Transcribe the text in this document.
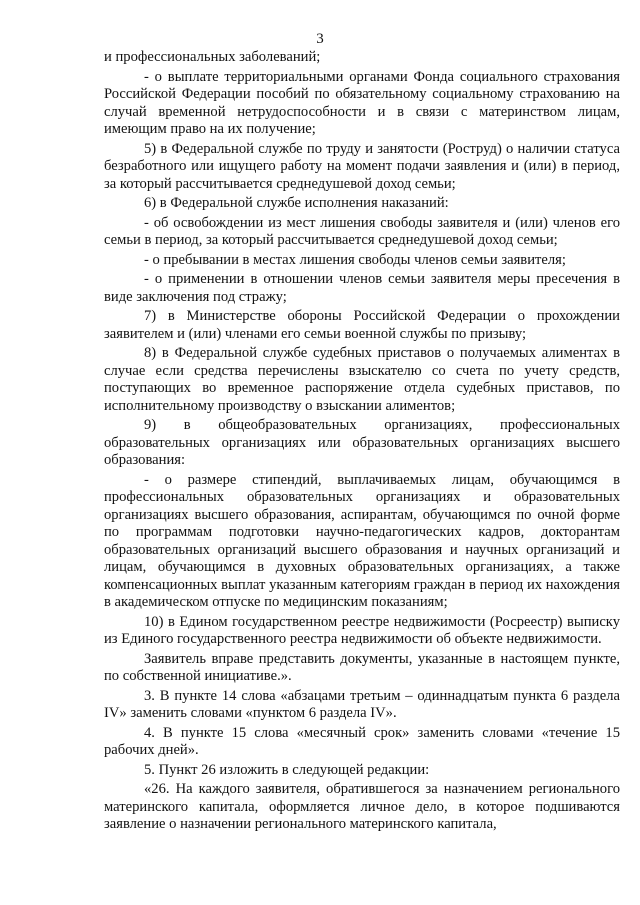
3

и профессиональных заболеваний;

- о выплате территориальными органами Фонда социального страхования Российской Федерации пособий по обязательному социальному страхованию на случай временной нетрудоспособности и в связи с материнством лицам, имеющим право на их получение;

5) в Федеральной службе по труду и занятости (Роструд) о наличии статуса безработного или ищущего работу на момент подачи заявления и (или) в период, за который рассчитывается среднедушевой доход семьи;

6) в Федеральной службе исполнения наказаний:

- об освобождении из мест лишения свободы заявителя и (или) членов его семьи в период, за который рассчитывается среднедушевой доход семьи;

- о пребывании в местах лишения свободы членов семьи заявителя;

- о применении в отношении членов семьи заявителя меры пресечения в виде заключения под стражу;

7) в Министерстве обороны Российской Федерации о прохождении заявителем и (или) членами его семьи военной службы по призыву;

8) в Федеральной службе судебных приставов о получаемых алиментах в случае если средства перечислены взыскателю со счета по учету средств, поступающих во временное распоряжение отдела судебных приставов, по исполнительному производству о взыскании алиментов;

9) в общеобразовательных организациях, профессиональных образовательных организациях или образовательных организациях высшего образования:

- о размере стипендий, выплачиваемых лицам, обучающимся в профессиональных образовательных организациях и образовательных организациях высшего образования, аспирантам, обучающимся по очной форме по программам подготовки научно-педагогических кадров, докторантам образовательных организаций высшего образования и научных организаций и лицам, обучающимся в духовных образовательных организациях, а также компенсационных выплат указанным категориям граждан в период их нахождения в академическом отпуске по медицинским показаниям;

10) в Едином государственном реестре недвижимости (Росреестр) выписку из Единого государственного реестра недвижимости об объекте недвижимости.

Заявитель вправе представить документы, указанные в настоящем пункте, по собственной инициативе.».

3. В пункте 14 слова «абзацами третьим – одиннадцатым пункта 6 раздела IV» заменить словами «пунктом 6 раздела IV».

4. В пункте 15 слова «месячный срок» заменить словами «течение 15 рабочих дней».

5. Пункт 26 изложить в следующей редакции:

«26. На каждого заявителя, обратившегося за назначением регионального материнского капитала, оформляется личное дело, в которое подшиваются заявление о назначении регионального материнского капитала,
